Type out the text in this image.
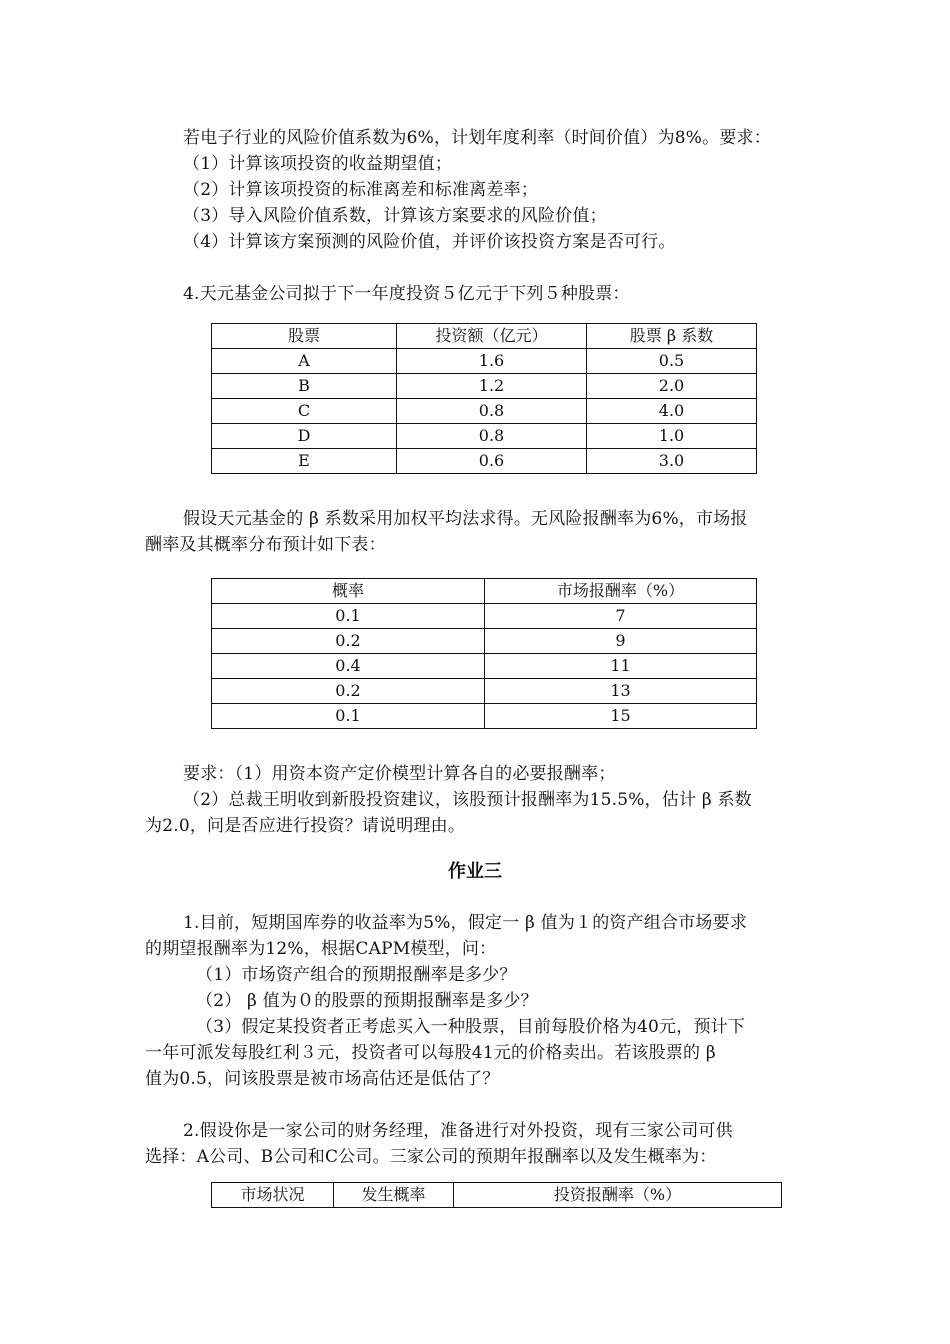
若电子行业的风险价值系数为6%，计划年度利率（时间价值）为8%。要求：
（1）计算该项投资的收益期望值；
（2）计算该项投资的标准离差和标准离差率；
（3）导入风险价值系数，计算该方案要求的风险价值；
（4）计算该方案预测的风险价值，并评价该投资方案是否可行。
4.天元基金公司拟于下一年度投资５亿元于下列５种股票：
股票	投资额（亿元）	股票 β 系数
A	1.6	0.5
B	1.2	2.0
C	0.8	4.0
D	0.8	1.0
E	0.6	3.0
假设天元基金的 β 系数采用加权平均法求得。无风险报酬率为6%，市场报
酬率及其概率分布预计如下表：
概率	市场报酬率（%）
0.1	7
0.2	9
0.4	11
0.2	13
0.1	15
要求：（1）用资本资产定价模型计算各自的必要报酬率；
（2）总裁王明收到新股投资建议，该股预计报酬率为15.5%，估计 β 系数
为2.0，问是否应进行投资？请说明理由。
作业三
1.目前，短期国库券的收益率为5%，假定一 β 值为１的资产组合市场要求
的期望报酬率为12%，根据CAPM模型，问：
（1）市场资产组合的预期报酬率是多少？
（2） β 值为０的股票的预期报酬率是多少？
（3）假定某投资者正考虑买入一种股票，目前每股价格为40元，预计下
一年可派发每股红利３元，投资者可以每股41元的价格卖出。若该股票的 β
值为0.5，问该股票是被市场高估还是低估了？
2.假设你是一家公司的财务经理，准备进行对外投资，现有三家公司可供
选择：A公司、B公司和C公司。三家公司的预期年报酬率以及发生概率为：
市场状况	发生概率	投资报酬率（%）
